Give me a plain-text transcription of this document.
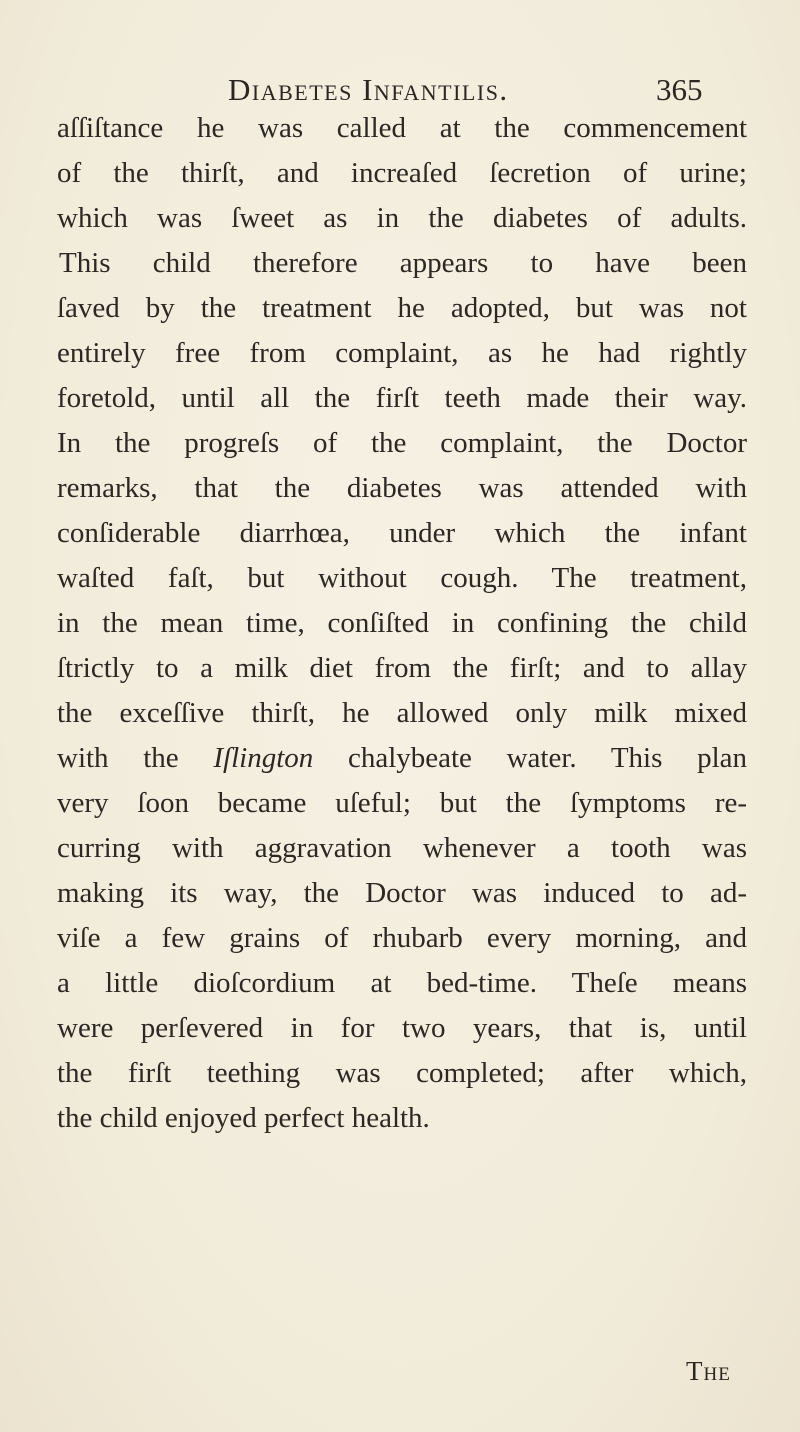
Diabetes Infantilis.	365
aſſiſtance he was called at the commencement
of the thirſt, and increaſed ſecretion of urine;
which was ſweet as in the diabetes of adults.
This child therefore appears to have been
ſaved by the treatment he adopted, but was not
entirely free from complaint, as he had rightly
foretold, until all the firſt teeth made their way.
In the progreſs of the complaint, the Doctor
remarks, that the diabetes was attended with
conſiderable diarrhœa, under which the infant
waſted faſt, but without cough. The treatment,
in the mean time, conſiſted in confining the child
ſtrictly to a milk diet from the firſt; and to allay
the exceſſive thirſt, he allowed only milk mixed
with the Iſlington chalybeate water. This plan
very ſoon became uſeful; but the ſymptoms re-
curring with aggravation whenever a tooth was
making its way, the Doctor was induced to ad-
viſe a few grains of rhubarb every morning, and
a little dioſcordium at bed-time. Theſe means
were perſevered in for two years, that is, until
the firſt teething was completed; after which,
the child enjoyed perfect health.
The
